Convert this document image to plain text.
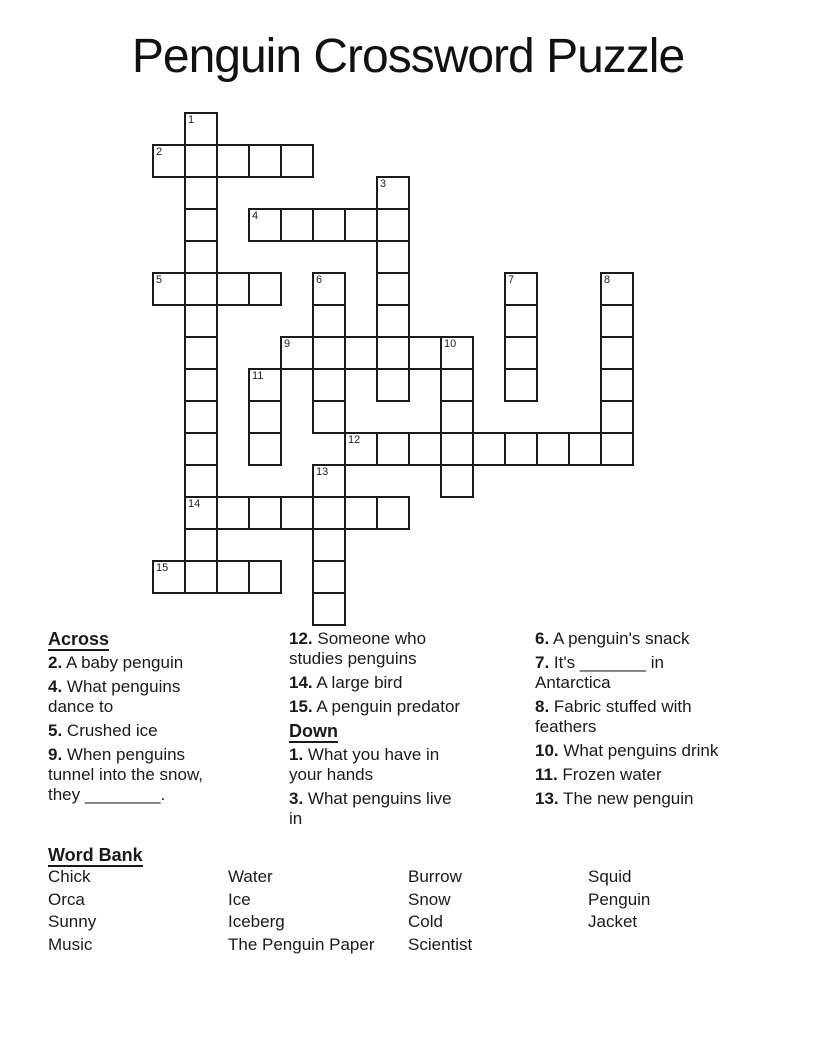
Penguin Crossword Puzzle
1
14
2
3
4
5	6	7	8
9	10
11
12
13
15
Across
2. A baby penguin
4. What penguins dance to
5. Crushed ice
9. When penguins tunnel into the snow, they ________.
12. Someone who studies penguins
14. A large bird
15. A penguin predator
Down
1. What you have in your hands
3. What penguins live in
6. A penguin's snack
7. It's _______ in Antarctica
8. Fabric stuffed with feathers
10. What penguins drink
11. Frozen water
13. The new penguin
Word Bank
Chick
Orca
Sunny
Music
Water
Ice
Iceberg
The Penguin Paper
Burrow
Snow
Cold
Scientist
Squid
Penguin
Jacket
